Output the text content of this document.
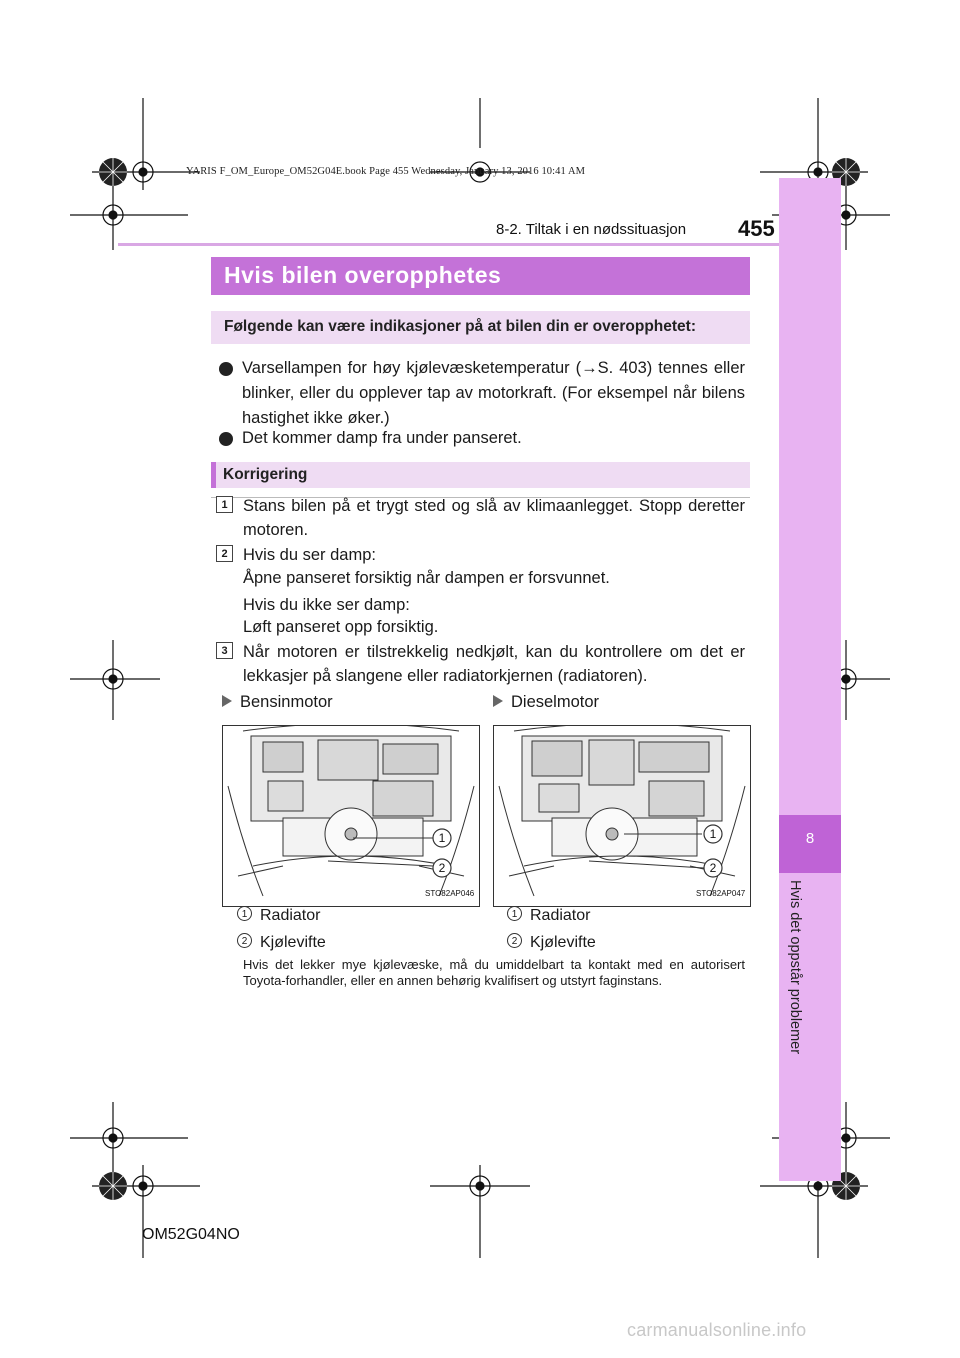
YARIS F_OM_Europe_OM52G04E.book Page 455 Wednesday, January 13, 2016 10:41 AM
8-2. Tiltak i en nødssituasjon 455
8
Hvis det oppstår problemer
Hvis bilen overopphetes
Følgende kan være indikasjoner på at bilen din er overopphetet:
Varsellampen for høy kjølevæsketemperatur (→S. 403) tennes eller blinker, eller du opplever tap av motorkraft. (For eksempel når bilens hastighet ikke øker.)
Det kommer damp fra under panseret.
Korrigering
1 Stans bilen på et trygt sted og slå av klimaanlegget. Stopp deretter motoren.
2 Hvis du ser damp:
Åpne panseret forsiktig når dampen er forsvunnet.
Hvis du ikke ser damp:
Løft panseret opp forsiktig.
3 Når motoren er tilstrekkelig nedkjølt, kan du kontrollere om det er lekkasjer på slangene eller radiatorkjernen (radiatoren).
Bensinmotor	Dieselmotor
1
2
STO82AP046
1
2
STO82AP047
1 Radiator
2 Kjølevifte
1 Radiator
2 Kjølevifte
Hvis det lekker mye kjølevæske, må du umiddelbart ta kontakt med en autorisert Toyota-forhandler, eller en annen behørig kvalifisert og utstyrt faginstans.
OM52G04NO
carmanualsonline.info
